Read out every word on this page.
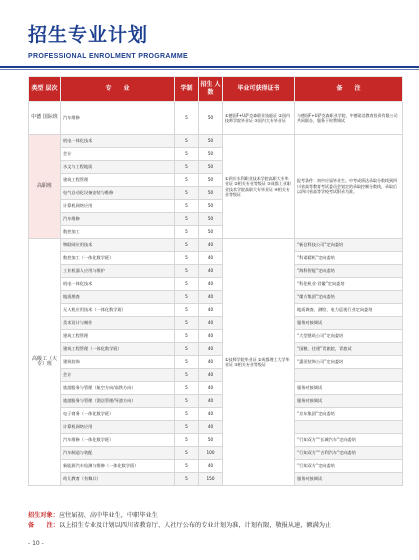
招生专业计划
PROFESSIONAL ENROLMENT PROGRAMME
类型 层次	专　　业	学制	招生 人数	毕业可获得证书	备　　注
中德 国际班	汽车维修	5	50	①德国F+U萨克森职业技能证 ②国内技师学院毕业证 ③国内大专毕业证	与德国F+U萨克森职业学院、中德诺浩教育投资有限公司共同联办，服务于时费调试
高职班	机电一体化技术	5	50	①四川水利职业技术学院高职大专毕业证 ②相关专业等级证 ③成都工业职业技术学院高职大专毕业证 ④相关专业等级证	报考条件：初中应届毕业生。中考成绩达录取分数线到四川省高等教育考试委员会划定的录取控制分数线，录取后以四川省高等学校考试附录为准。
	会计	5	50		
	水文与工程地质	5	50		
	建筑工程管理	5	50		
	电气自动化设备安装与维修	5	50		
	计算机网络应用	5	50		
	汽车维修	5	50		
	数控加工	5	50		
高级工（大专）班	物联网应用技术	5	40	①技师学院毕业证 ②成都理工大学毕业证 ③相关专业等级证	“新仓科技公司”定向委培
	数控加工（一体化数学班）	5	40		“科诺精机”定向委培
	工业机器人应用与维护	5	40		“海科智能”定向委培
	机电一体化技术	5	40		“科伦机业·君徽”定向委培
	地质勘查	5	40		“煤方集团”定向委培
	无人机应用技术（一体化数学班）	5	40		地质调查、测绘、电力巡视行业定向委培
	美术设计与制作	5	40		服务对接调试
	建筑工程管理	5	40		“大型建筑公司”定向委培
	建筑工程管理（一体化数学班）	5	40		“国粮、住建”青旅院，青旅试
	建筑装饰	5	40		“惠田装饰公司”定向委培
	会计	5	40		
	旅游服务与管理（航空方向/高铁方向）	5	40		服务对接调试
	旅游服务与管理（酒店管理/导游方向）	5	40		服务对接调试
	电子商务（一体化数学班）	5	40		“京东集团”定向委培
	计算机网络应用	5	40		
	汽车维修（一体化数学班）	5	50		“行知双方”“长城汽车”定向委培
	汽车制造与装配	5	100		“行知双方”“吉利汽车”定向委培
	新能源汽车检测与维修（一体化数学班）	5	40		“行知双方”定向委培
	幼儿教育（有舞兵）	5	150		服务对接调试
招生对象：应往届初、高中毕业生，中职毕业生
备　　注：以上招生专业及计划以四川省教育厅、人社厅公布的专业计划为准，计划有限，敬报从速，额满为止
- 10 -
